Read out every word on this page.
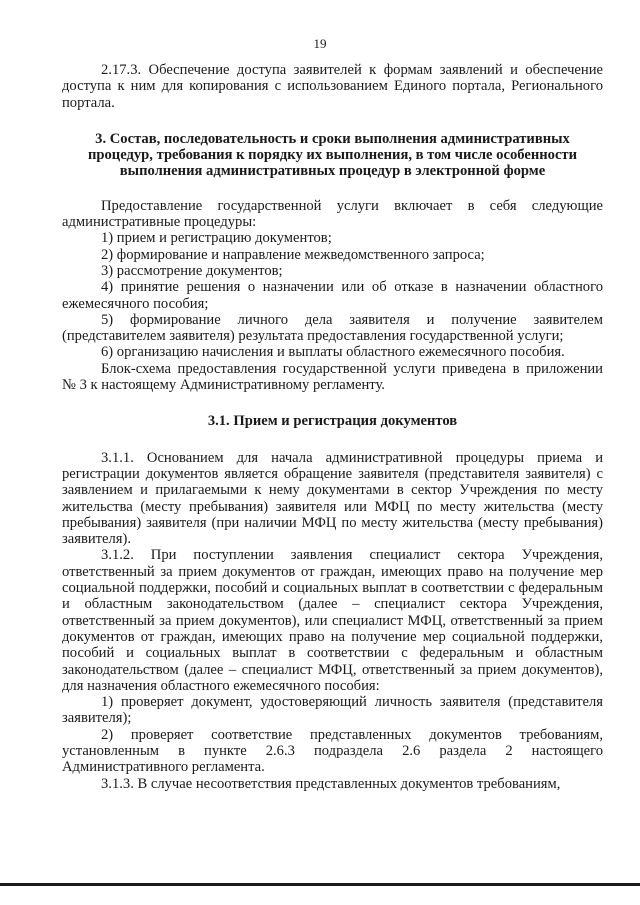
19

2.17.3. Обеспечение доступа заявителей к формам заявлений и обеспечение доступа к ним для копирования с использованием Единого портала, Регионального портала.

3. Состав, последовательность и сроки выполнения административных процедур, требования к порядку их выполнения, в том числе особенности выполнения административных процедур в электронной форме

Предоставление государственной услуги включает в себя следующие административные процедуры:

1) прием и регистрацию документов;

2) формирование и направление межведомственного запроса;

3) рассмотрение документов;

4) принятие решения о назначении или об отказе в назначении областного ежемесячного пособия;

5) формирование личного дела заявителя и получение заявителем (представителем заявителя) результата предоставления государственной услуги;

6) организацию начисления и выплаты областного ежемесячного пособия.

Блок-схема предоставления государственной услуги приведена в приложении № 3 к настоящему Административному регламенту.

3.1. Прием и регистрация документов

3.1.1. Основанием для начала административной процедуры приема и регистрации документов является обращение заявителя (представителя заявителя) с заявлением и прилагаемыми к нему документами в сектор Учреждения по месту жительства (месту пребывания) заявителя или МФЦ по месту жительства (месту пребывания) заявителя (при наличии МФЦ по месту жительства (месту пребывания) заявителя).

3.1.2. При поступлении заявления специалист сектора Учреждения, ответственный за прием документов от граждан, имеющих право на получение мер социальной поддержки, пособий и социальных выплат в соответствии с федеральным и областным законодательством (далее – специалист сектора Учреждения, ответственный за прием документов), или специалист МФЦ, ответственный за прием документов от граждан, имеющих право на получение мер социальной поддержки, пособий и социальных выплат в соответствии с федеральным и областным законодательством (далее – специалист МФЦ, ответственный за прием документов), для назначения областного ежемесячного пособия:

1) проверяет документ, удостоверяющий личность заявителя (представителя заявителя);

2) проверяет соответствие представленных документов требованиям, установленным в пункте 2.6.3 подраздела 2.6 раздела 2 настоящего Административного регламента.

3.1.3. В случае несоответствия представленных документов требованиям,
